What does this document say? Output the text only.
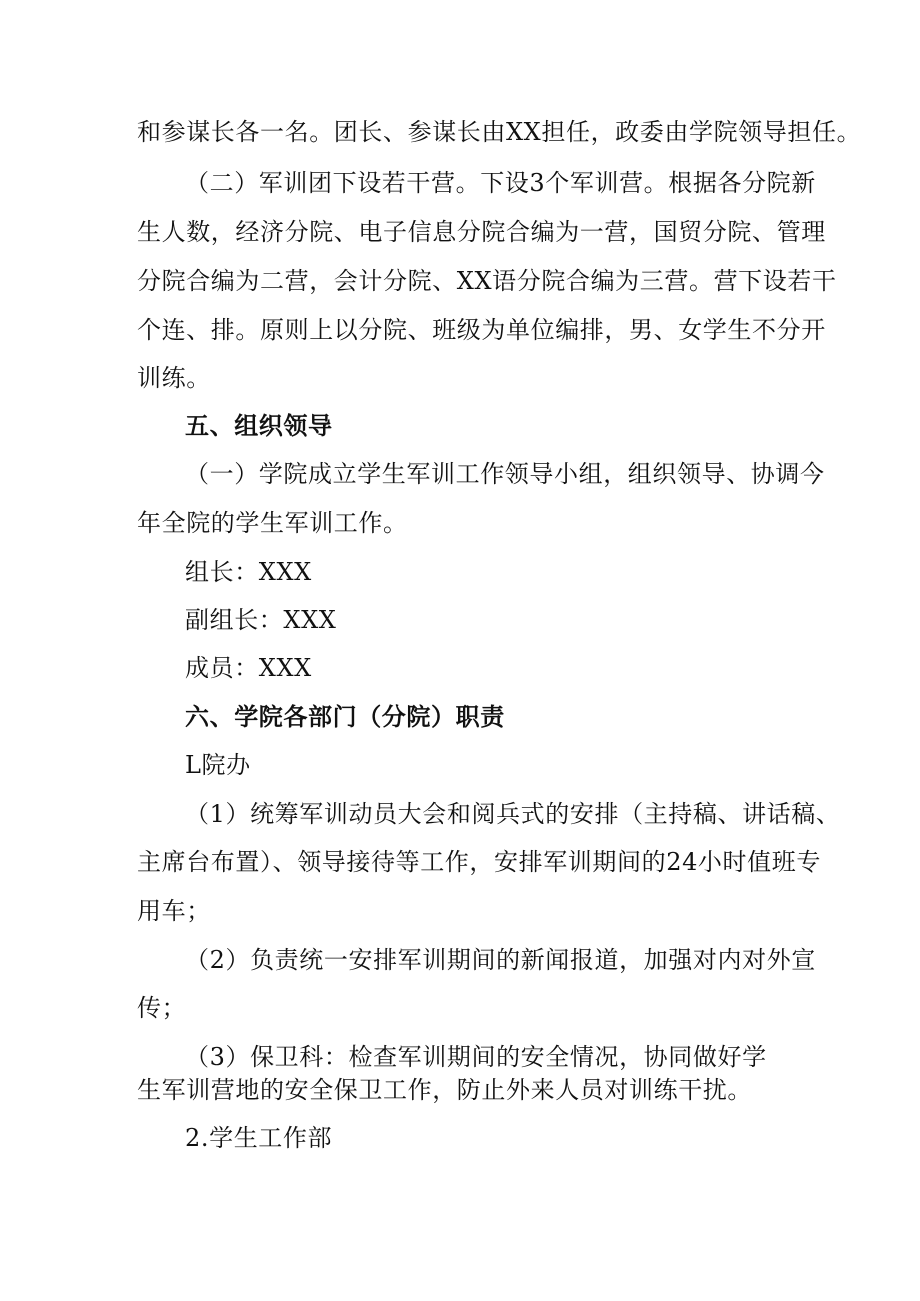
和参谋长各一名。团长、参谋长由XX担任，政委由学院领导担任。
（二）军训团下设若干营。下设3个军训营。根据各分院新
生人数，经济分院、电子信息分院合编为一营，国贸分院、管理
分院合编为二营，会计分院、XX语分院合编为三营。营下设若干
个连、排。原则上以分院、班级为单位编排，男、女学生不分开
训练。
五、组织领导
（一）学院成立学生军训工作领导小组，组织领导、协调今
年全院的学生军训工作。
组长：XXX
副组长：XXX
成员：XXX
六、学院各部门（分院）职责
L院办
（1）统筹军训动员大会和阅兵式的安排（主持稿、讲话稿、
主席台布置）、领导接待等工作，安排军训期间的24小时值班专
用车；
（2）负责统一安排军训期间的新闻报道，加强对内对外宣
传；
（3）保卫科：检查军训期间的安全情况，协同做好学
生军训营地的安全保卫工作，防止外来人员对训练干扰。
2.学生工作部
